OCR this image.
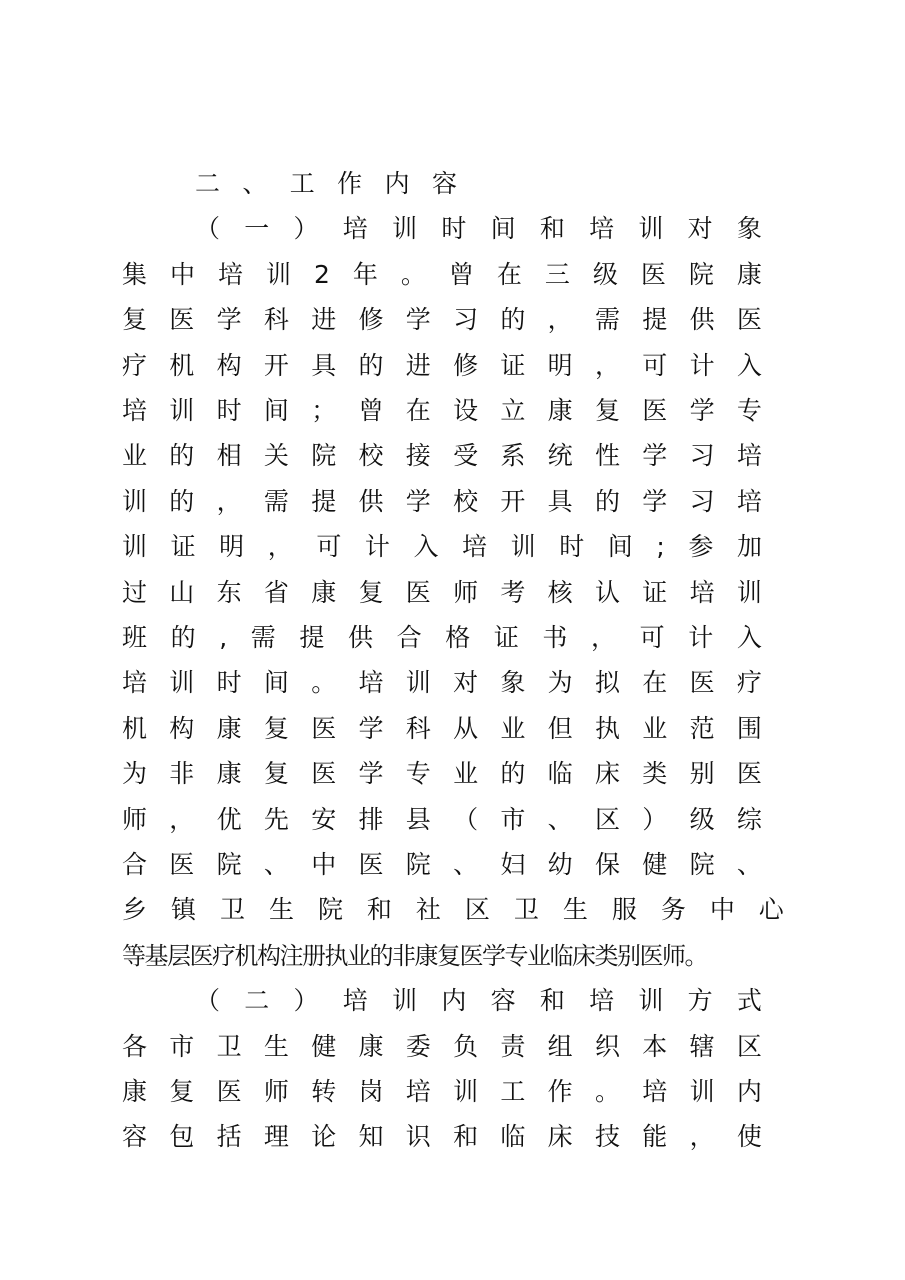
二 、 工 作 内 容
（ 一 ） 培 训 时 间 和 培 训 对 象
集 中 培 训 2 年 。 曾 在 三 级 医 院 康
复 医 学 科 进 修 学 习 的 ， 需 提 供 医
疗 机 构 开 具 的 进 修 证 明 ， 可 计 入
培 训 时 间 ； 曾 在 设 立 康 复 医 学 专
业 的 相 关 院 校 接 受 系 统 性 学 习 培
训 的 ， 需 提 供 学 校 开 具 的 学 习 培
训 证 明 ， 可 计 入 培 训 时 间 ; 参 加
过 山 东 省 康 复 医 师 考 核 认 证 培 训
班 的 , 需 提 供 合 格 证 书 ， 可 计 入
培 训 时 间 。 培 训 对 象 为 拟 在 医 疗
机 构 康 复 医 学 科 从 业 但 执 业 范 围
为 非 康 复 医 学 专 业 的 临 床 类 别 医
师 ， 优 先 安 排 县 （ 市 、 区 ） 级 综
合 医 院 、 中 医 院 、 妇 幼 保 健 院 、
乡 镇 卫 生 院 和 社 区 卫 生 服 务 中 心
等基层医疗机构注册执业的非康复医学专业临床类别医师。
（ 二 ） 培 训 内 容 和 培 训 方 式
各 市 卫 生 健 康 委 负 责 组 织 本 辖 区
康 复 医 师 转 岗 培 训 工 作 。 培 训 内
容 包 括 理 论 知 识 和 临 床 技 能 ， 使
